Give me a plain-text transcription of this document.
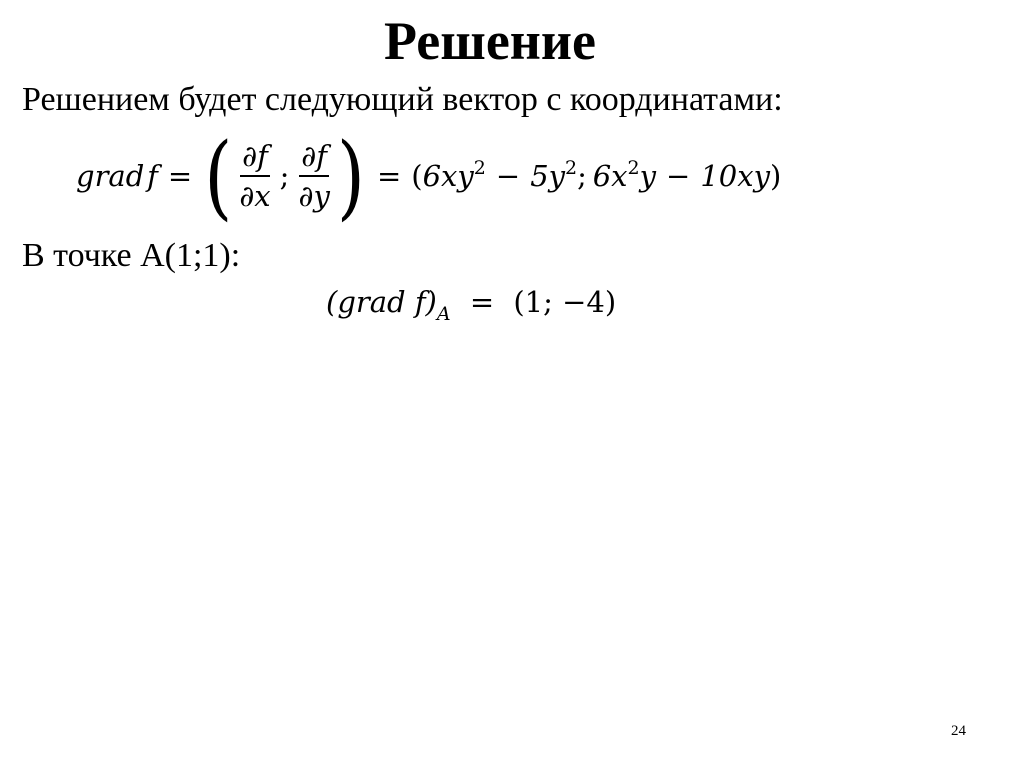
Решение
Решением будет следующий вектор с координатами:
grad f = ( $\frac{\partial f}{\partial x}$ ; $\frac{\partial f}{\partial y}$ ) = ($6xy^2 - 5y^2$;  $6x^2y - 10xy$)
В точке А(1;1):
(grad $f)_A = (1$; −4)
24
